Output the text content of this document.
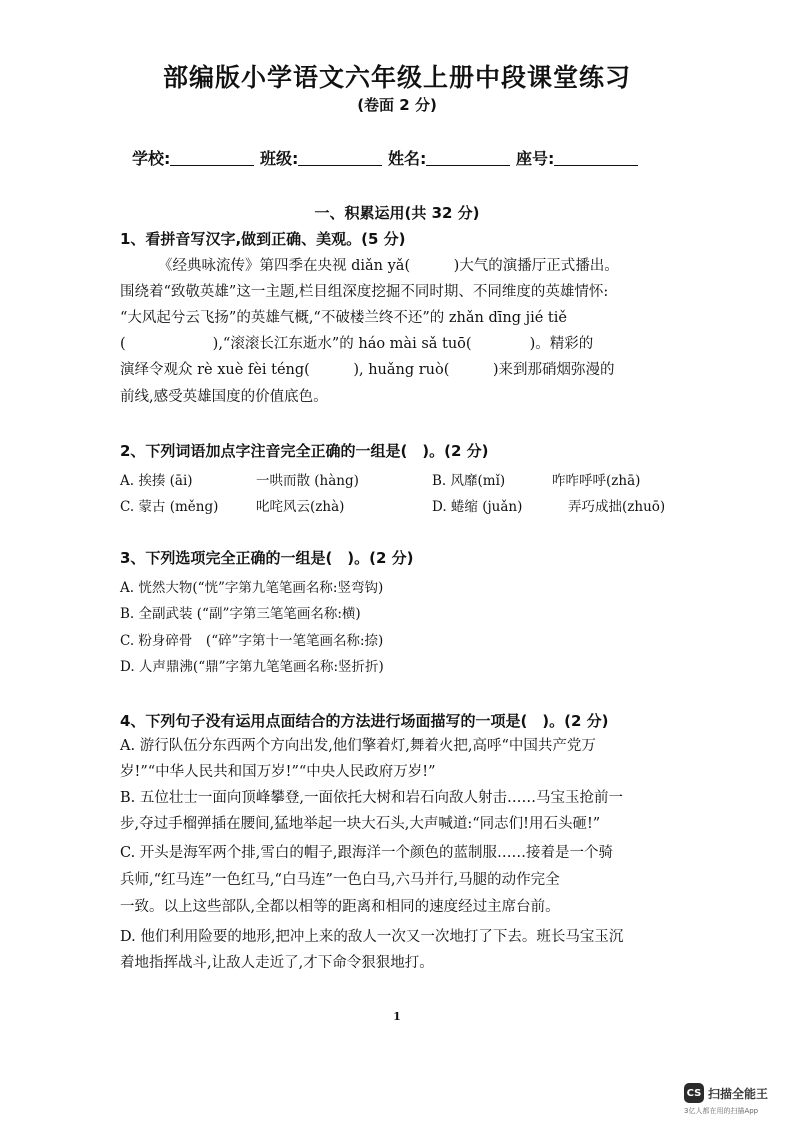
部编版小学语文六年级上册中段课堂练习
(卷面 2 分)
学校:	班级:	姓名:	座号:
一、积累运用(共 32 分)
1、看拼音写汉字,做到正确、美观。(5 分)
《经典咏流传》第四季在央视 diǎn yǎ(　　　)大气的演播厅正式播出。
围绕着“致敬英雄”这一主题,栏目组深度挖掘不同时期、不同维度的英雄情怀:
“大风起兮云飞扬”的英雄气概,“不破楼兰终不还”的 zhǎn dīng jié tiě
(　　　　　　),“滚滚长江东逝水”的 háo mài sǎ tuō(　　　　)。精彩的
演绎令观众 rè xuè fèi téng(　　　), huǎng ruò(　　　)来到那硝烟弥漫的
前线,感受英雄国度的价值底色。
2、下列词语加点字注音完全正确的一组是(　)。(2 分)
A. 挨揍 (āi)	一哄而散 (hàng)	B. 风靡(mǐ)	咋咋呼呼(zhā)
C. 蒙古 (měng)	叱咤风云(zhà)	D. 蜷缩 (juǎn)	弄巧成拙(zhuō)
3、下列选项完全正确的一组是(　)。(2 分)
A. 恍然大物(“恍”字第九笔笔画名称:竖弯钩)
B. 全副武装 (“副”字第三笔笔画名称:横)
C. 粉身碎骨　(“碎”字第十一笔笔画名称:捺)
D. 人声鼎沸(“鼎”字第九笔笔画名称:竖折折)
4、下列句子没有运用点面结合的方法进行场面描写的一项是(　)。(2 分)
A. 游行队伍分东西两个方向出发,他们擎着灯,舞着火把,高呼“中国共产党万
岁!”“中华人民共和国万岁!”“中央人民政府万岁!”
B. 五位壮士一面向顶峰攀登,一面依托大树和岩石向敌人射击……马宝玉抢前一
步,夺过手榴弹插在腰间,猛地举起一块大石头,大声喊道:“同志们!用石头砸!”
C. 开头是海军两个排,雪白的帽子,跟海洋一个颜色的蓝制服……接着是一个骑
兵师,“红马连”一色红马,“白马连”一色白马,六马并行,马腿的动作完全
一致。以上这些部队,全都以相等的距离和相同的速度经过主席台前。
D. 他们利用险要的地形,把冲上来的敌人一次又一次地打了下去。班长马宝玉沉
着地指挥战斗,让敌人走近了,才下命令狠狠地打。
1
CS 扫描全能王
3亿人都在用的扫描App
